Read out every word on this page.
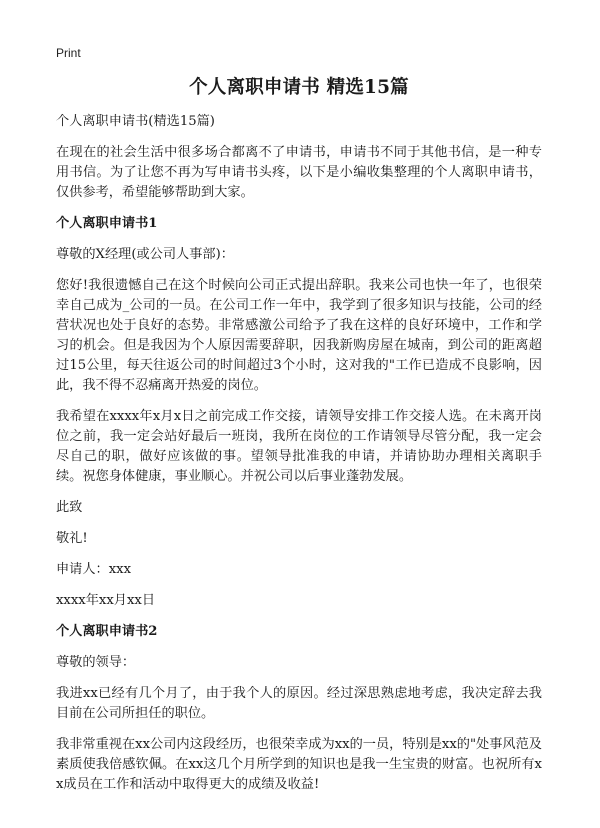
Print
个人离职申请书 精选15篇
个人离职申请书(精选15篇)
在现在的社会生活中很多场合都离不了申请书，申请书不同于其他书信，是一种专用书信。为了让您不再为写申请书头疼，以下是小编收集整理的个人离职申请书，仅供参考，希望能够帮助到大家。
个人离职申请书1
尊敬的X经理(或公司人事部)：
您好!我很遗憾自己在这个时候向公司正式提出辞职。我来公司也快一年了，也很荣幸自己成为_公司的一员。在公司工作一年中，我学到了很多知识与技能，公司的经营状况也处于良好的态势。非常感激公司给予了我在这样的良好环境中，工作和学习的机会。但是我因为个人原因需要辞职，因我新购房屋在城南，到公司的距离超过15公里，每天往返公司的时间超过3个小时，这对我的"工作已造成不良影响，因此，我不得不忍痛离开热爱的岗位。
我希望在xxxx年x月x日之前完成工作交接，请领导安排工作交接人选。在未离开岗位之前，我一定会站好最后一班岗，我所在岗位的工作请领导尽管分配，我一定会尽自己的职，做好应该做的事。望领导批准我的申请，并请协助办理相关离职手续。祝您身体健康，事业顺心。并祝公司以后事业蓬勃发展。
此致
敬礼!
申请人：xxx
xxxx年xx月xx日
个人离职申请书2
尊敬的领导：
我进xx已经有几个月了，由于我个人的原因。经过深思熟虑地考虑，我决定辞去我目前在公司所担任的职位。
我非常重视在xx公司内这段经历，也很荣幸成为xx的一员，特别是xx的"处事风范及素质使我倍感钦佩。在xx这几个月所学到的知识也是我一生宝贵的财富。也祝所有xx成员在工作和活动中取得更大的成绩及收益!
